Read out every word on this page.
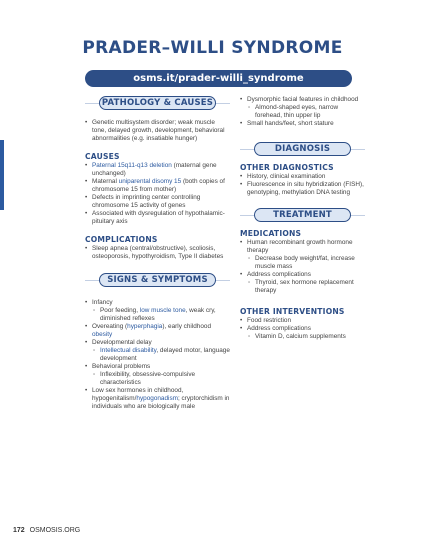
PRADER–WILLI SYNDROME
osms.it/prader-willi_syndrome
PATHOLOGY & CAUSES
• Genetic multisystem disorder; weak muscle tone, delayed growth, development, behavioral abnormalities (e.g. insatiable hunger)
CAUSES
• Paternal 15q11-q13 deletion (maternal gene unchanged)
• Maternal uniparental disomy 15 (both copies of chromosome 15 from mother)
• Defects in imprinting center controlling chromosome 15 activity of genes
• Associated with dysregulation of hypothalamic-pituitary axis
COMPLICATIONS
• Sleep apnea (central/obstructive), scoliosis, osteoporosis, hypothyroidism, Type II diabetes
SIGNS & SYMPTOMS
• Infancy
◦ Poor feeding, low muscle tone, weak cry, diminished reflexes
• Overeating (hyperphagia), early childhood obesity
• Developmental delay
◦ Intellectual disability, delayed motor, language development
• Behavioral problems
◦ Inflexibility, obsessive-compulsive characteristics
• Low sex hormones in childhood, hypogenitalism/hypogonadism; cryptorchidism in individuals who are biologically male
• Dysmorphic facial features in childhood
◦ Almond-shaped eyes, narrow forehead, thin upper lip
• Small hands/feet, short stature
DIAGNOSIS
OTHER DIAGNOSTICS
• History, clinical examination
• Fluorescence in situ hybridization (FISH), genotyping, methylation DNA testing
TREATMENT
MEDICATIONS
• Human recombinant growth hormone therapy
◦ Decrease body weight/fat, increase muscle mass
• Address complications
◦ Thyroid, sex hormone replacement therapy
OTHER INTERVENTIONS
• Food restriction
• Address complications
◦ Vitamin D, calcium supplements
172 OSMOSIS.ORG
